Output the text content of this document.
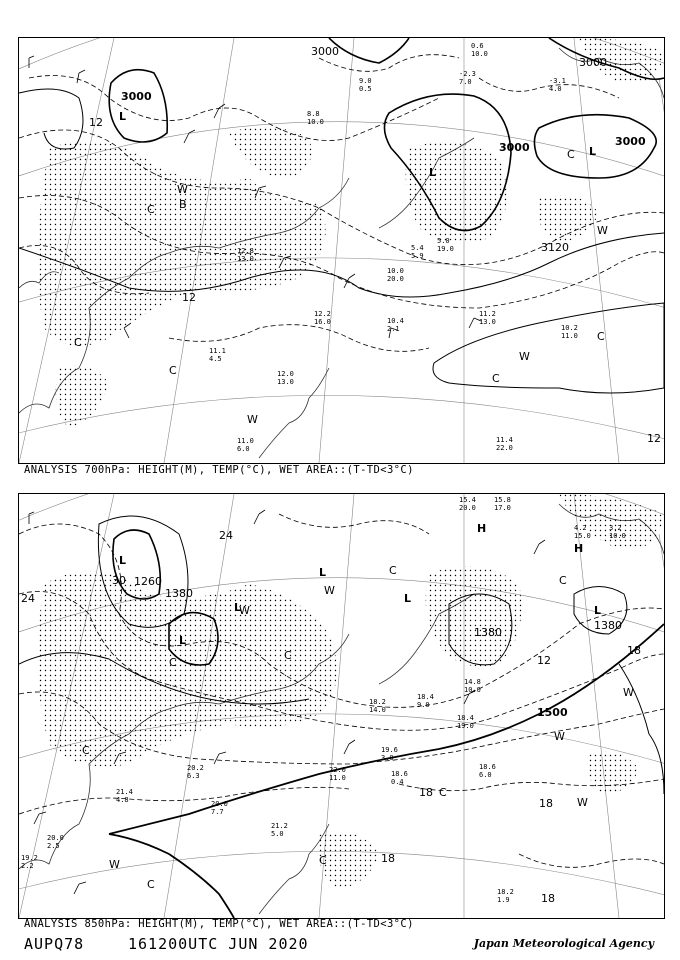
L
3000
L
3000	L
3000
3000
3000
3120
12
12
12
W
W
W
W
C
C
C
C
C
C
B
12.0
13.0
11.2
13.0
10.2
11.0
11.4
22.0
11.1
4.5
10.4
2.1
12.2
16.0
10.0
20.0
5.0
19.0
11.0
6.0
5.4
5.9
12.8
13.0
8.8
10.0
9.0
0.5
0.6
10.0
-2.3
7.0	-3.1
4.0
ANALYSIS 700hPa: HEIGHT(M), TEMP(°C), WET AREA::(T-TD<3°C)
L
L
L
L
1380
L
H
H
L
1260
1380
1380
1500
30
24
24
18
18
18
18
18
12
W
W
W
W
W
W
C
C
C
C
C
C
C
C
18.2
1.9
18.6
6.0
18.6
0.4
19.6
3.0
21.2
5.0
20.0
7.7
21.4
4.8
20.2
6.3
19.2
2.2
20.0
2.5
15.4
20.0
15.8
17.0
4.2
15.0
3.2
10.0
18.4
19.0
14.8
10.0
22.0
11.0
18.2
14.0
18.4
9.0
ANALYSIS 850hPa: HEIGHT(M), TEMP(°C), WET AREA::(T-TD<3°C)
AUPQ78	161200UTC JUN 2020	Japan Meteorological Agency
